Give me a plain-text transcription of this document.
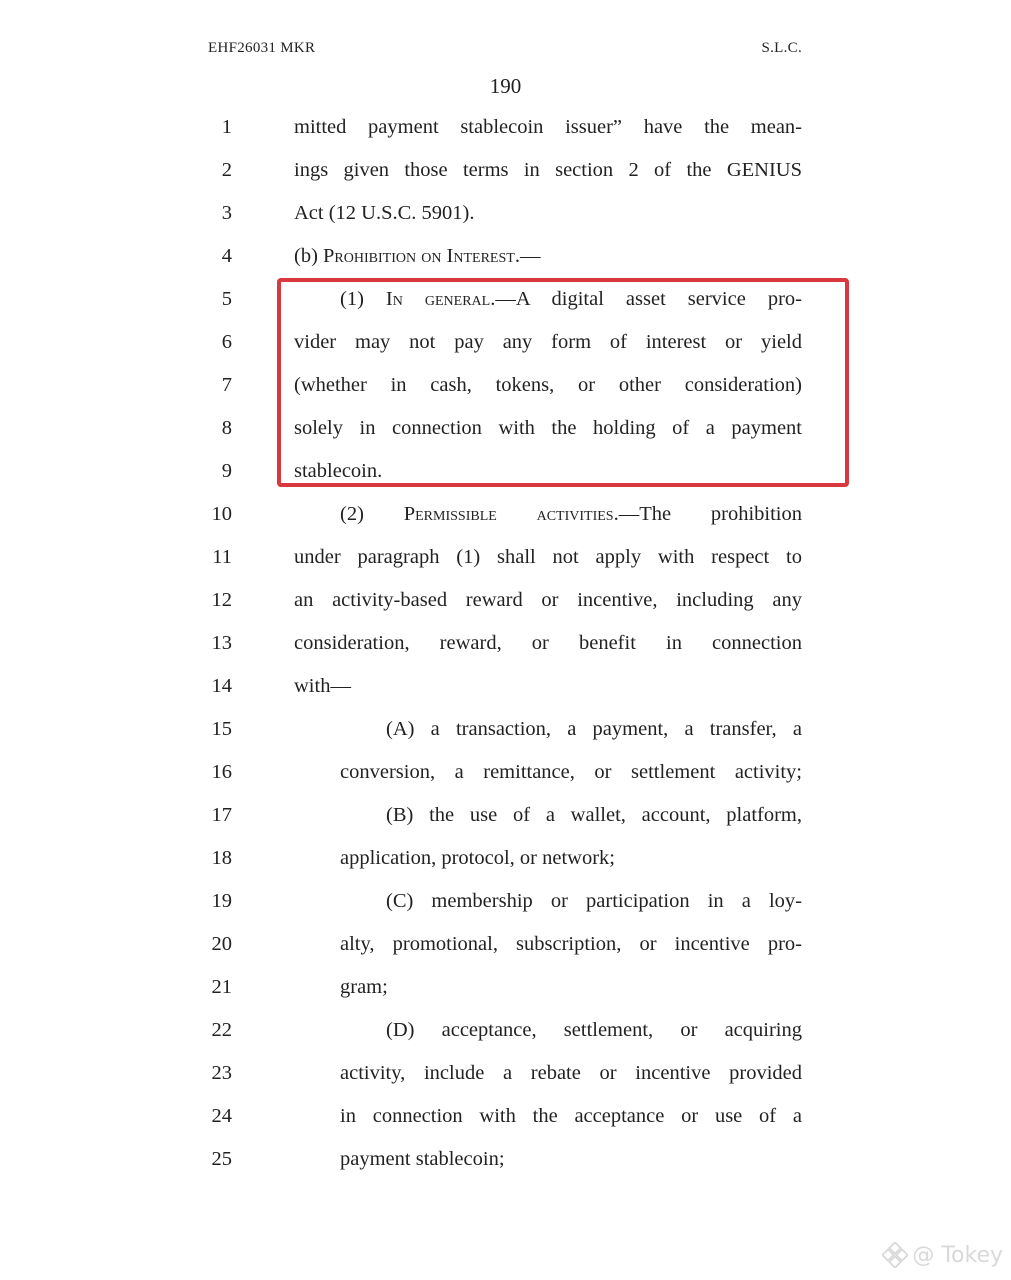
EHF26031 MKR	S.L.C.
190
1	mitted payment stablecoin issuer” have the mean-
2	ings given those terms in section 2 of the GENIUS
3	Act (12 U.S.C. 5901).
4	(b) Prohibition on Interest.—
5	(1) In general.—A digital asset service pro-
6	vider may not pay any form of interest or yield
7	(whether in cash, tokens, or other consideration)
8	solely in connection with the holding of a payment
9	stablecoin.
10	(2) Permissible activities.—The prohibition
11	under paragraph (1) shall not apply with respect to
12	an activity-based reward or incentive, including any
13	consideration, reward, or benefit in connection
14	with—
15	(A) a transaction, a payment, a transfer, a
16	conversion, a remittance, or settlement activity;
17	(B) the use of a wallet, account, platform,
18	application, protocol, or network;
19	(C) membership or participation in a loy-
20	alty, promotional, subscription, or incentive pro-
21	gram;
22	(D) acceptance, settlement, or acquiring
23	activity, include a rebate or incentive provided
24	in connection with the acceptance or use of a
25	payment stablecoin;
@ Tokey
